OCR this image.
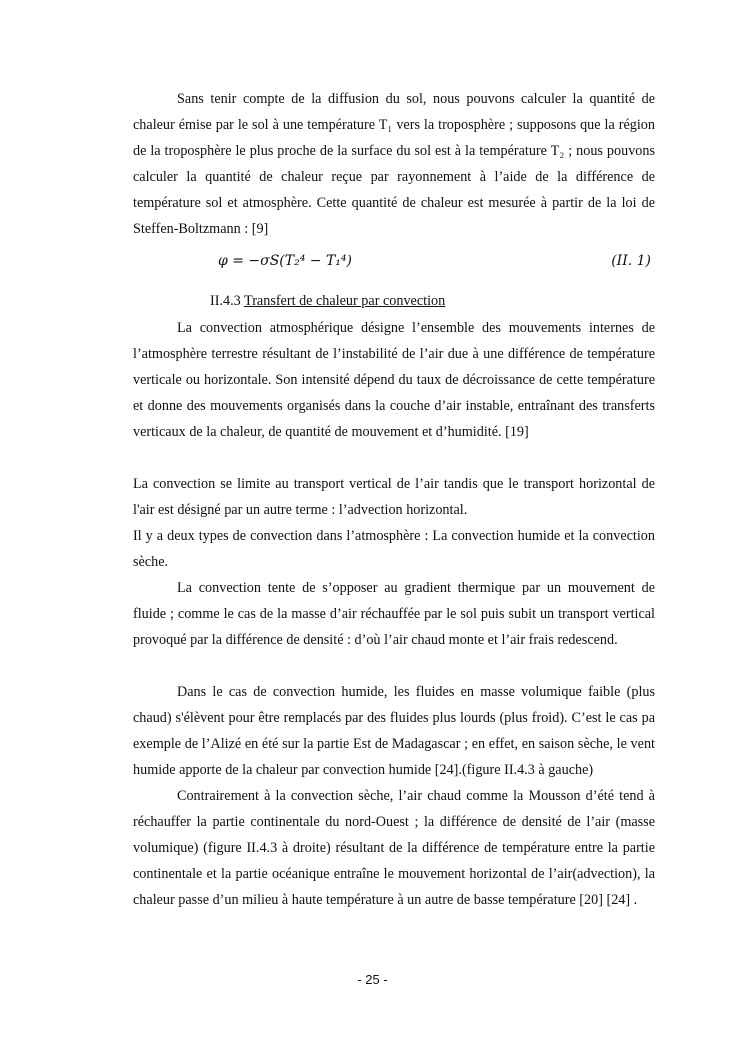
Sans tenir compte de la diffusion du sol, nous pouvons calculer la quantité de chaleur émise par le sol à une température T₁ vers la troposphère ; supposons que la région de la troposphère le plus proche de la surface du sol est à la température T₂ ; nous pouvons calculer la quantité de chaleur reçue par rayonnement à l’aide de la différence de température sol et atmosphère. Cette quantité de chaleur est mesurée à partir de la loi de Steffen-Boltzmann : [9]

φ = −σS(T₂⁴ − T₁⁴)	(II. 1)

II.4.3 Transfert de chaleur par convection

La convection atmosphérique désigne l’ensemble des mouvements internes de l’atmosphère terrestre résultant de l’instabilité de l’air due à une différence de température verticale ou horizontale. Son intensité dépend du taux de décroissance de cette température et donne des mouvements organisés dans la couche d’air instable, entraînant des transferts verticaux de la chaleur, de quantité de mouvement et d’humidité. [19]

La convection se limite au transport vertical de l’air tandis que le transport horizontal de l'air est désigné par un autre terme : l’advection horizontal.

Il y a deux types de convection dans l’atmosphère : La convection humide et la convection sèche.

La convection tente de s’opposer au gradient thermique par un mouvement de fluide ; comme le cas de la masse d’air réchauffée par le sol puis subit un transport vertical provoqué par la différence de densité : d’où l’air chaud monte et l’air frais redescend.

Dans le cas de convection humide, les fluides en masse volumique faible (plus chaud) s'élèvent pour être remplacés par des fluides plus lourds (plus froid). C’est le cas pa exemple de l’Alizé en été sur la partie Est de Madagascar ; en effet, en saison sèche, le vent humide apporte de la chaleur par convection humide [24].(figure II.4.3 à gauche)

Contrairement à la convection sèche, l’air chaud comme la Mousson d’été tend à réchauffer la partie continentale du nord-Ouest ; la différence de densité de l’air (masse volumique) (figure II.4.3 à droite) résultant de la différence de température entre la partie continentale et la partie océanique entraîne le mouvement horizontal de l’air(advection), la chaleur passe d’un milieu à haute température à un autre de basse température [20] [24] .

- 25 -
